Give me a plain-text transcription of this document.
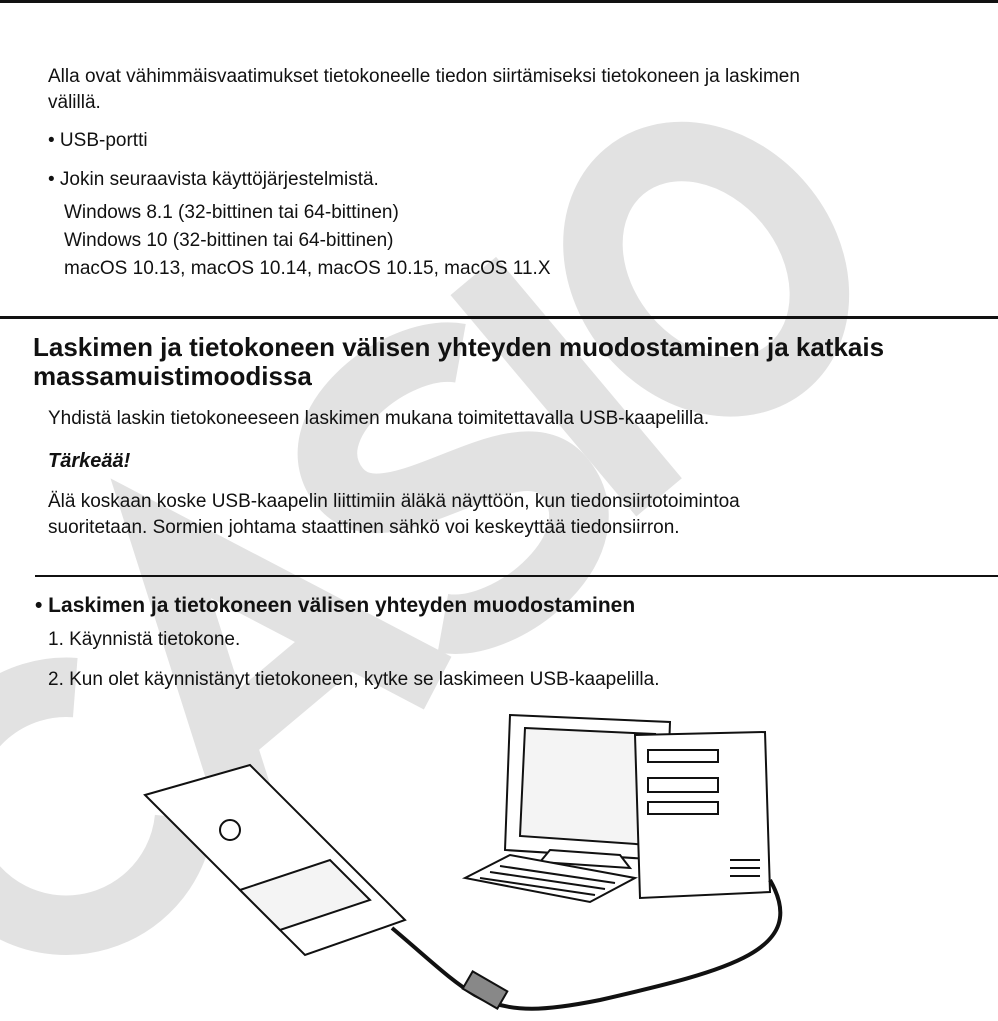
Alla ovat vähimmäisvaatimukset tietokoneelle tiedon siirtämiseksi tietokoneen ja laskimen
välillä.
• USB-portti
• Jokin seuraavista käyttöjärjestelmistä.
Windows 8.1 (32-bittinen tai 64-bittinen)
Windows 10 (32-bittinen tai 64-bittinen)
macOS 10.13, macOS 10.14, macOS 10.15, macOS 11.X
Laskimen ja tietokoneen välisen yhteyden muodostaminen ja katkais
massamuistimoodissa
Yhdistä laskin tietokoneeseen laskimen mukana toimitettavalla USB-kaapelilla.
Tärkeää!
Älä koskaan koske USB-kaapelin liittimiin äläkä näyttöön, kun tiedonsiirtotoimintoa
suoritetaan. Sormien johtama staattinen sähkö voi keskeyttää tiedonsiirron.
• Laskimen ja tietokoneen välisen yhteyden muodostaminen
1. Käynnistä tietokone.
2. Kun olet käynnistänyt tietokoneen, kytke se laskimeen USB-kaapelilla.
